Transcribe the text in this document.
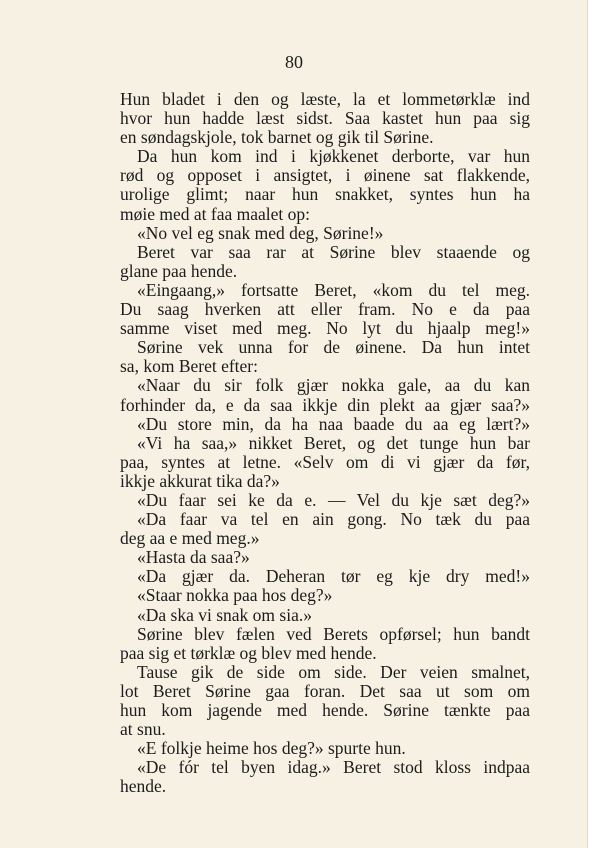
80

Hun bladet i den og læste, la et lommetørklæ ind
hvor hun hadde læst sidst. Saa kastet hun paa sig
en søndagskjole, tok barnet og gik til Sørine.
Da hun kom ind i kjøkkenet derborte, var hun
rød og opposet i ansigtet, i øinene sat flakkende,
urolige glimt; naar hun snakket, syntes hun ha
møie med at faa maalet op:
«No vel eg snak med deg, Sørine!»
Beret var saa rar at Sørine blev staaende og
glane paa hende.
«Eingaang,» fortsatte Beret, «kom du tel meg.
Du saag hverken att eller fram. No e da paa
samme viset med meg. No lyt du hjaalp meg!»
Sørine vek unna for de øinene. Da hun intet
sa, kom Beret efter:
«Naar du sir folk gjær nokka gale, aa du kan
forhinder da, e da saa ikkje din plekt aa gjær saa?»
«Du store min, da ha naa baade du aa eg lært?»
«Vi ha saa,» nikket Beret, og det tunge hun bar
paa, syntes at letne. «Selv om di vi gjær da før,
ikkje akkurat tika da?»
«Du faar sei ke da e. — Vel du kje sæt deg?»
«Da faar va tel en ain gong. No tæk du paa
deg aa e med meg.»
«Hasta da saa?»
«Da gjær da. Deheran tør eg kje dry med!»
«Staar nokka paa hos deg?»
«Da ska vi snak om sia.»
Sørine blev fælen ved Berets opførsel; hun bandt
paa sig et tørklæ og blev med hende.
Tause gik de side om side. Der veien smalnet,
lot Beret Sørine gaa foran. Det saa ut som om
hun kom jagende med hende. Sørine tænkte paa
at snu.
«E folkje heime hos deg?» spurte hun.
«De fór tel byen idag.» Beret stod kloss indpaa
hende.
